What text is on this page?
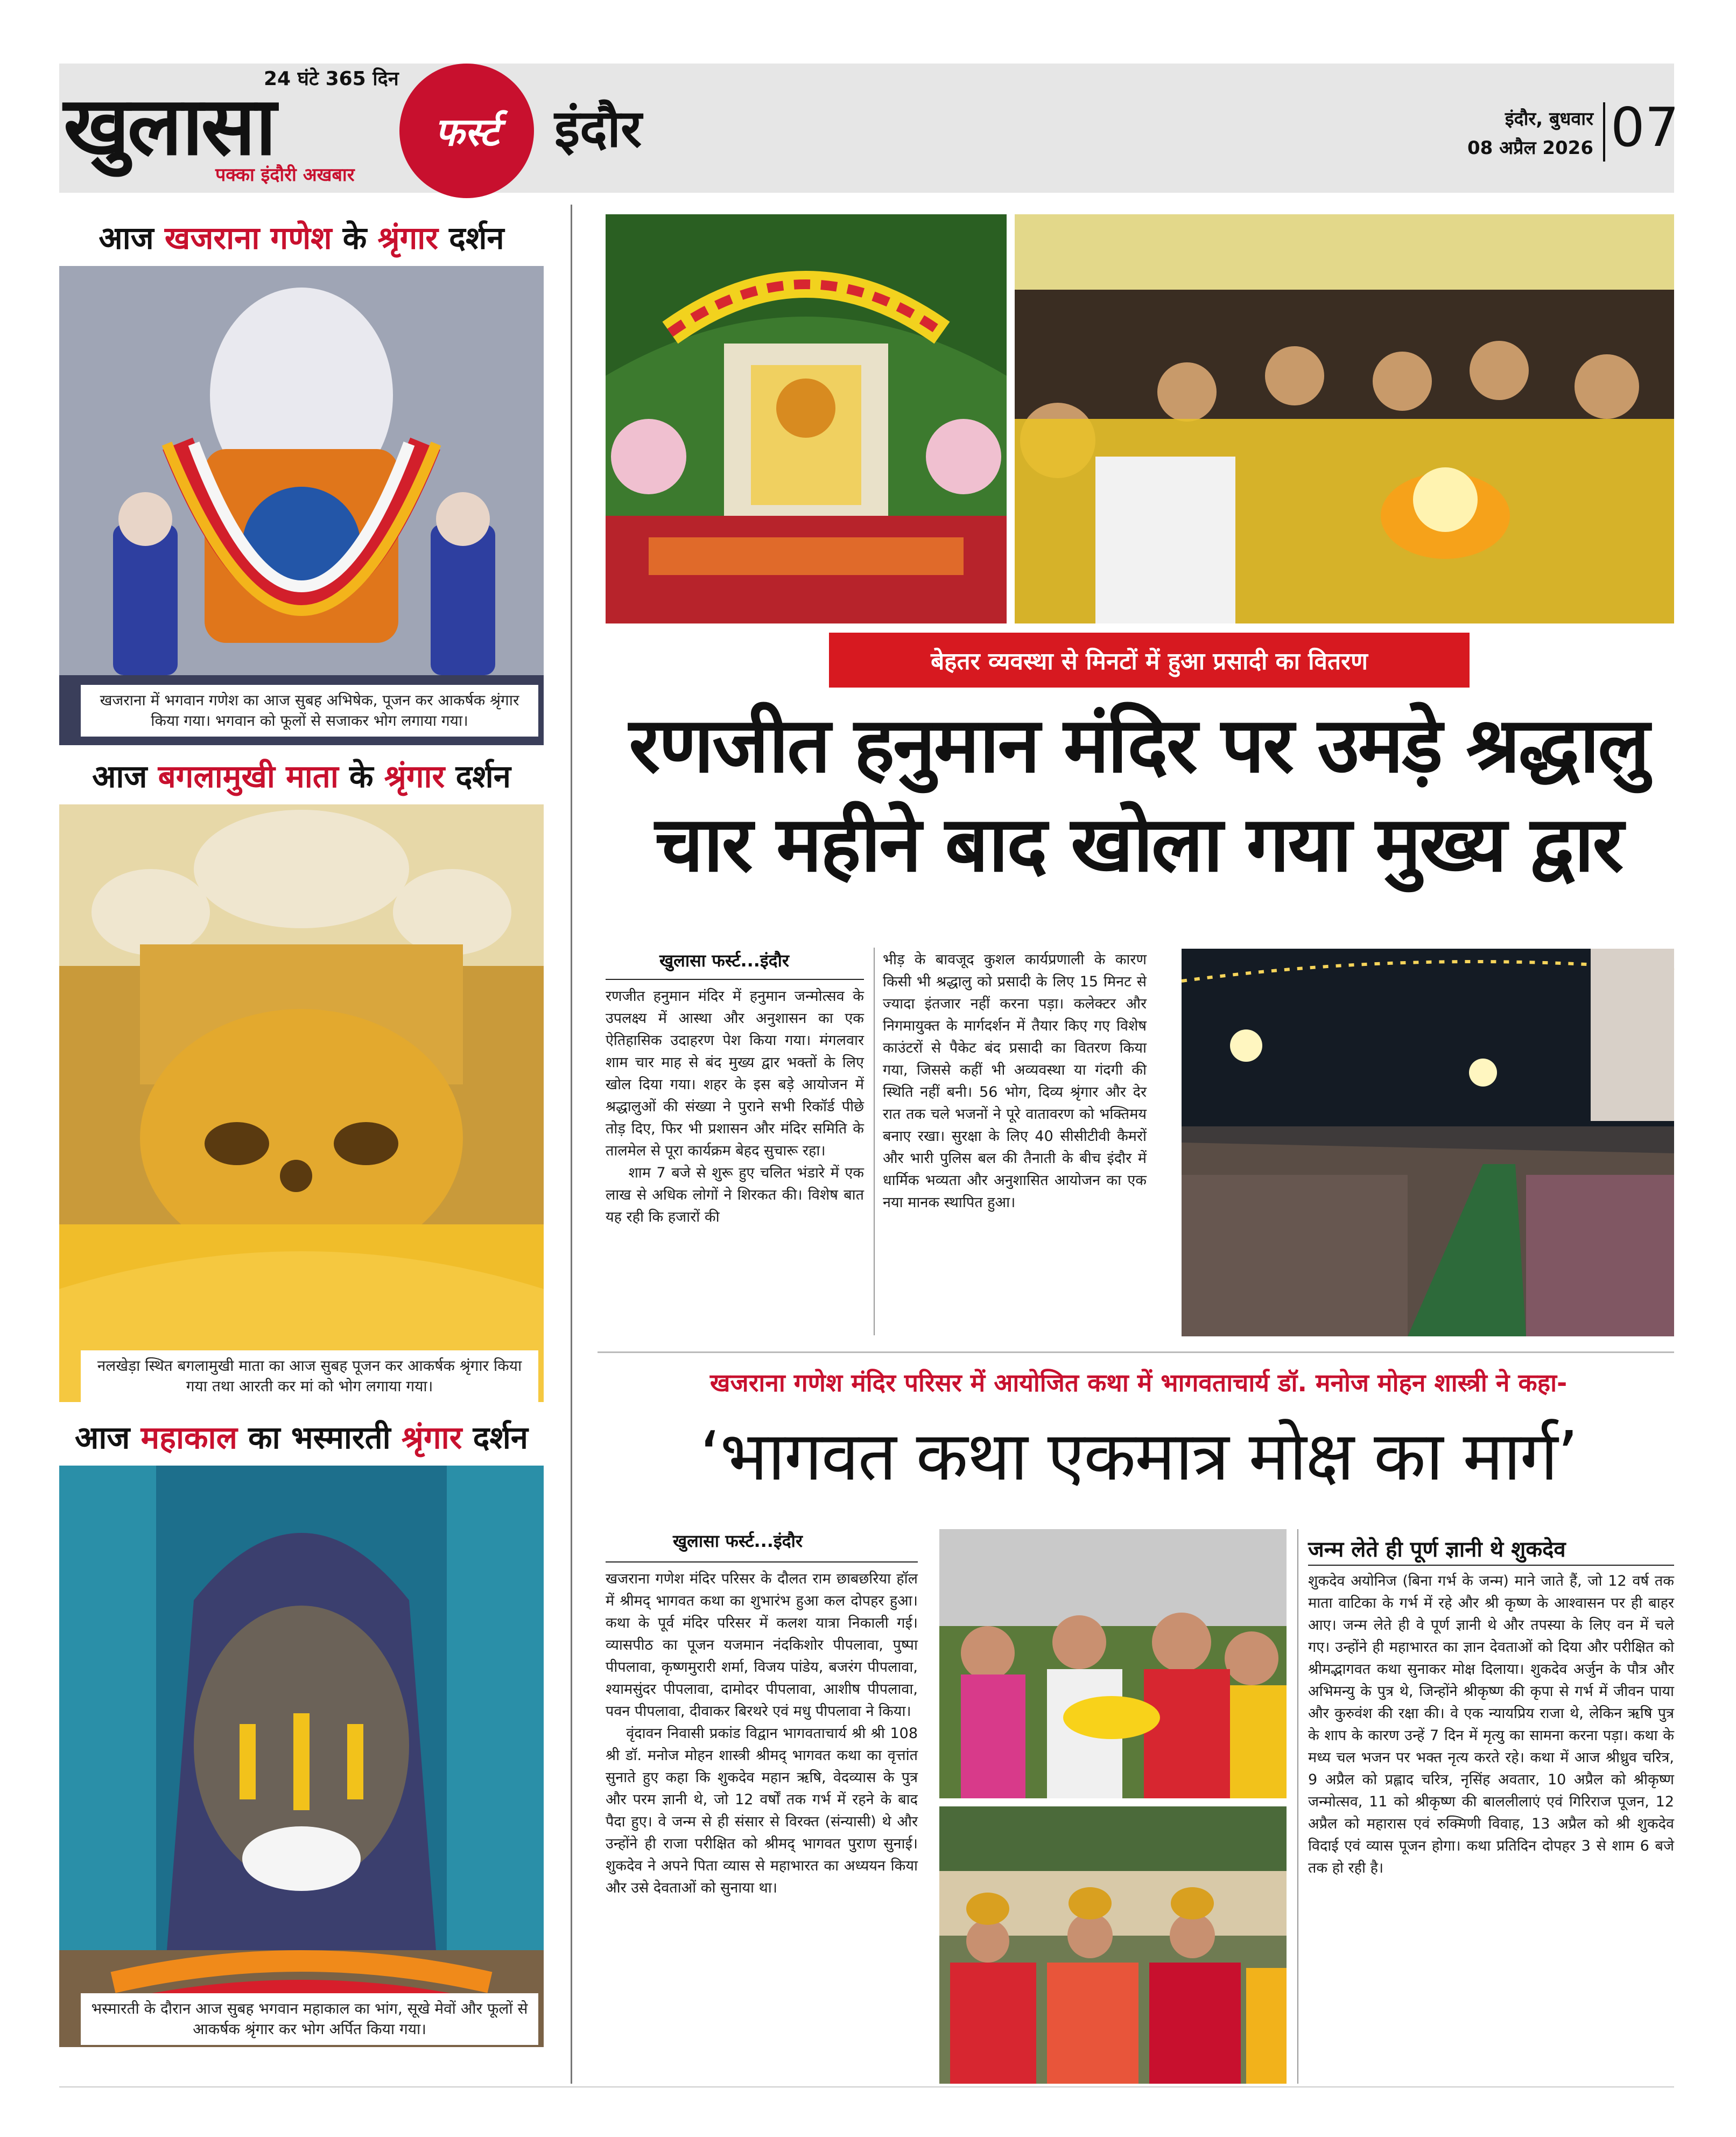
24 घंटे 365 दिन
खुलासा	फर्स्ट
पक्का इंदौरी अखबार
इंदौर	इंदौर, बुधवार
08 अप्रैल 2026 07
आज खजराना गणेश के श्रृंगार दर्शन
खजराना में भगवान गणेश का आज सुबह अभिषेक, पूजन कर आकर्षक श्रृंगार किया गया। भगवान को फूलों से सजाकर भोग लगाया गया।
आज बगलामुखी माता के श्रृंगार दर्शन
नलखेड़ा स्थित बगलामुखी माता का आज सुबह पूजन कर आकर्षक श्रृंगार किया गया तथा आरती कर मां को भोग लगाया गया।
आज महाकाल का भस्मारती श्रृंगार दर्शन
भस्मारती के दौरान आज सुबह भगवान महाकाल का भांग, सूखे मेवों और फूलों से आकर्षक श्रृंगार कर भोग अर्पित किया गया।
बेहतर व्यवस्था से मिनटों में हुआ प्रसादी का वितरण
रणजीत हनुमान मंदिर पर उमड़े श्रद्धालु
चार महीने बाद खोला गया मुख्य द्वार
खुलासा फर्स्ट...इंदौर
रणजीत हनुमान मंदिर में हनुमान जन्मोत्सव के उपलक्ष्य में आस्था और अनुशासन का एक ऐतिहासिक उदाहरण पेश किया गया। मंगलवार शाम चार माह से बंद मुख्य द्वार भक्तों के लिए खोल दिया गया। शहर के इस बड़े आयोजन में श्रद्धालुओं की संख्या ने पुराने सभी रिकॉर्ड पीछे तोड़ दिए, फिर भी प्रशासन और मंदिर समिति के तालमेल से पूरा कार्यक्रम बेहद सुचारू रहा।
शाम 7 बजे से शुरू हुए चलित भंडारे में एक लाख से अधिक लोगों ने शिरकत की। विशेष बात यह रही कि हजारों की
भीड़ के बावजूद कुशल कार्यप्रणाली के कारण किसी भी श्रद्धालु को प्रसादी के लिए 15 मिनट से ज्यादा इंतजार नहीं करना पड़ा। कलेक्टर और निगमायुक्त के मार्गदर्शन में तैयार किए गए विशेष काउंटरों से पैकेट बंद प्रसादी का वितरण किया गया, जिससे कहीं भी अव्यवस्था या गंदगी की स्थिति नहीं बनी। 56 भोग, दिव्य श्रृंगार और देर रात तक चले भजनों ने पूरे वातावरण को भक्तिमय बनाए रखा। सुरक्षा के लिए 40 सीसीटीवी कैमरों और भारी पुलिस बल की तैनाती के बीच इंदौर में धार्मिक भव्यता और अनुशासित आयोजन का एक नया मानक स्थापित हुआ।
खजराना गणेश मंदिर परिसर में आयोजित कथा में भागवताचार्य डॉ. मनोज मोहन शास्त्री ने कहा-
‘भागवत कथा एकमात्र मोक्ष का मार्ग’
खुलासा फर्स्ट...इंदौर
खजराना गणेश मंदिर परिसर के दौलत राम छाबछरिया हॉल में श्रीमद् भागवत कथा का शुभारंभ हुआ कल दोपहर हुआ। कथा के पूर्व मंदिर परिसर में कलश यात्रा निकाली गई। व्यासपीठ का पूजन यजमान नंदकिशोर पीपलावा, पुष्पा पीपलावा, कृष्णमुरारी शर्मा, विजय पांडेय, बजरंग पीपलावा, श्यामसुंदर पीपलावा, दामोदर पीपलावा, आशीष पीपलावा, पवन पीपलावा, दीवाकर बिरथरे एवं मधु पीपलावा ने किया।
वृंदावन निवासी प्रकांड विद्वान भागवताचार्य श्री श्री 108 श्री डॉ. मनोज मोहन शास्त्री श्रीमद् भागवत कथा का वृत्तांत सुनाते हुए कहा कि शुकदेव महान ऋषि, वेदव्यास के पुत्र और परम ज्ञानी थे, जो 12 वर्षों तक गर्भ में रहने के बाद पैदा हुए। वे जन्म से ही संसार से विरक्त (संन्यासी) थे और उन्होंने ही राजा परीक्षित को श्रीमद् भागवत पुराण सुनाई। शुकदेव ने अपने पिता व्यास से महाभारत का अध्ययन किया और उसे देवताओं को सुनाया था।
जन्म लेते ही पूर्ण ज्ञानी थे शुकदेव
शुकदेव अयोनिज (बिना गर्भ के जन्म) माने जाते हैं, जो 12 वर्ष तक माता वाटिका के गर्भ में रहे और श्री कृष्ण के आश्वासन पर ही बाहर आए। जन्म लेते ही वे पूर्ण ज्ञानी थे और तपस्या के लिए वन में चले गए। उन्होंने ही महाभारत का ज्ञान देवताओं को दिया और परीक्षित को श्रीमद्भागवत कथा सुनाकर मोक्ष दिलाया। शुकदेव अर्जुन के पौत्र और अभिमन्यु के पुत्र थे, जिन्होंने श्रीकृष्ण की कृपा से गर्भ में जीवन पाया और कुरुवंश की रक्षा की। वे एक न्यायप्रिय राजा थे, लेकिन ऋषि पुत्र के शाप के कारण उन्हें 7 दिन में मृत्यु का सामना करना पड़ा। कथा के मध्य चल भजन पर भक्त नृत्य करते रहे। कथा में आज श्रीध्रुव चरित्र, 9 अप्रैल को प्रह्लाद चरित्र, नृसिंह अवतार, 10 अप्रैल को श्रीकृष्ण जन्मोत्सव, 11 को श्रीकृष्ण की बाललीलाएं एवं गिरिराज पूजन, 12 अप्रैल को महारास एवं रुक्मिणी विवाह, 13 अप्रैल को श्री शुकदेव विदाई एवं व्यास पूजन होगा। कथा प्रतिदिन दोपहर 3 से शाम 6 बजे तक हो रही है।
